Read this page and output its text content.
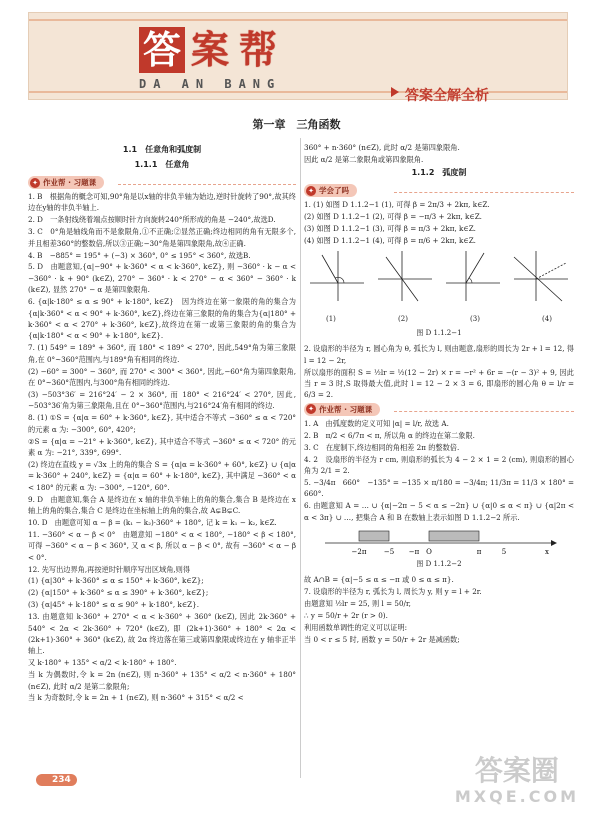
答 案 帮
DA AN BANG
答案全解全析
第一章　三角函数
1.1　任意角和弧度制
1.1.1　任意角
✦ 作业帮 · 习题课
1. B　根据角的概念可知,90°角是以x轴的非负半轴为始边,逆时针旋转了90°,故其终边在y轴的非负半轴上.
2. D　一条射线绕着端点按顺时针方向旋转240°所形成的角是 −240°,故选D.
3. C　0°角是轴线角而不是象限角,①不正确;②显然正确;终边相同的角有无限多个,并且相差360°的整数倍,所以③正确;−30°角是第四象限角,故④正确.
4. B　−885° = 195° + (−3) × 360°, 0° ≤ 195° < 360°, 故选B.
5. D　由题意知,{α|−90° + k·360° < α < k·360°, k∈Z}, 则 −360° · k − α < −360° · k + 90° (k∈Z), 270° − 360° · k < 270° − α < 360° − 360° · k (k∈Z), 显然 270° − α 是第四象限角.
6. {α|k·180° ≤ α ≤ 90° + k·180°, k∈Z}　因为终边在第一象限的角的集合为{α|k·360° < α < 90° + k·360°, k∈Z},终边在第三象限的角的集合为{α|180° + k·360° < α < 270° + k·360°, k∈Z},故终边在第一或第三象限的角的集合为{α|k·180° < α < 90° + k·180°, k∈Z}.
7. (1) 549° = 189° + 360°, 而 180° < 189° < 270°, 因此,549°角为第三象限角,在 0°~360°范围内,与189°角有相同的终边.
(2) −60° = 300° − 360°, 而 270° < 300° < 360°, 因此,−60°角为第四象限角,在 0°~360°范围内,与300°角有相同的终边.
(3) −503°36′ = 216°24′ − 2 × 360°, 而 180° < 216°24′ < 270°, 因此,−503°36′角为第三象限角,且在 0°~360°范围内,与216°24′角有相同的终边.
8. (1) ①S = {α|α = 60° + k·360°, k∈Z}, 其中适合不等式 −360° ≤ α < 720° 的元素 α 为: −300°, 60°, 420°;
②S = {α|α = −21° + k·360°, k∈Z}, 其中适合不等式 −360° ≤ α < 720° 的元素 α 为: −21°, 339°, 699°.
(2) 终边在直线 y = √3x 上的角的集合 S = {α|α = k·360° + 60°, k∈Z} ∪ {α|α = k·360° + 240°, k∈Z} = {α|α = 60° + k·180°, k∈Z}, 其中满足 −360° < α < 180° 的元素 α 为: −300°, −120°, 60°.
9. D　由题意知,集合 A 是终边在 x 轴的非负半轴上的角的集合,集合 B 是终边在 x 轴上的角的集合,集合 C 是终边在坐标轴上的角的集合,故 A⊊B⊊C.
10. D　由题意可知 α − β = (k₁ − k₂)·360° + 180°, 记 k = k₁ − k₂, k∈Z.
11. −360° < α − β < 0°　由题意知 −180° < α < 180°, −180° < β < 180°, 可得 −360° < α − β < 360°, 又 α < β, 所以 α − β < 0°, 故有 −360° < α − β < 0°.
12. 先写出边界角,再按逆时针顺序写出区域角,则得
(1) {α|30° + k·360° ≤ α ≤ 150° + k·360°, k∈Z};
(2) {α|150° + k·360° ≤ α ≤ 390° + k·360°, k∈Z};
(3) {α|45° + k·180° ≤ α ≤ 90° + k·180°, k∈Z}.
13. 由题意知 k·360° + 270° < α < k·360° + 360° (k∈Z), 因此 2k·360° + 540° < 2α < 2k·360° + 720° (k∈Z), 即 (2k+1)·360° + 180° < 2α < (2k+1)·360° + 360° (k∈Z), 故 2α 终边落在第三或第四象限或终边在 y 轴非正半轴上.
又 k·180° + 135° < α/2 < k·180° + 180°.
当 k 为偶数时,令 k = 2n (n∈Z), 则 n·360° + 135° < α/2 < n·360° + 180° (n∈Z), 此时 α/2 是第二象限角;
当 k 为奇数时,令 k = 2n + 1 (n∈Z), 则 n·360° + 315° < α/2 <
360° + n·360° (n∈Z), 此时 α/2 是第四象限角.
因此 α/2 是第二象限角或第四象限角.
1.1.2　弧度制
✦ 学会了吗
1. (1) 如图 D 1.1.2−1 (1), 可得 β = 2π/3 + 2kπ, k∈Z.
(2) 如图 D 1.1.2−1 (2), 可得 β = −π/3 + 2kπ, k∈Z.
(3) 如图 D 1.1.2−1 (3), 可得 β = π/3 + 2kπ, k∈Z.
(4) 如图 D 1.1.2−1 (4), 可得 β = π/6 + 2kπ, k∈Z.
(1)	(2)	(3)	(4)
图 D 1.1.2−1
2. 设扇形的半径为 r, 圆心角为 θ, 弧长为 l, 则由题意,扇形的周长为 2r + l = 12, 得 l = 12 − 2r,
所以扇形的面积 S = ½lr = ½(12 − 2r) × r = −r² + 6r = −(r − 3)² + 9, 因此当 r = 3 时,S 取得最大值,此时 l = 12 − 2 × 3 = 6, 即扇形的圆心角 θ = l/r = 6/3 = 2.
✦ 作业帮 · 习题课
1. A　由弧度数的定义可知 |α| = l/r, 故选 A.
2. B　π/2 < 6/7π < π, 所以角 α 的终边在第二象限.
3. C　在度制下,终边相同的角相差 2π 的整数倍.
4. 2　设扇形的半径为 r cm, 则扇形的弧长为 4 − 2 × 1 = 2 (cm), 则扇形的圆心角为 2/1 = 2.
5. −3/4π　660°　−135° = −135 × π/180 = −3/4π; 11/3π = 11/3 × 180° = 660°.
6. 由题意知 A = … ∪ {α|−2π − 5 < α ≤ −2π} ∪ {α|0 ≤ α < π} ∪ {α|2π < α < 3π} ∪ …, 把集合 A 和 B 在数轴上表示如图 D 1.1.2−2 所示.
−2π −5 −π O	π	5	x
图 D 1.1.2−2
故 A∩B = {α|−5 ≤ α ≤ −π 或 0 ≤ α ≤ π}.
7. 设扇形的半径为 r, 弧长为 l, 周长为 y, 则 y = l + 2r.
由题意知 ½lr = 25, 则 l = 50/r,
∴ y = 50/r + 2r (r > 0).
利用函数单调性的定义可以证明:
当 0 < r ≤ 5 时, 函数 y = 50/r + 2r 是减函数;
234	答案圈
MXQE.COM
